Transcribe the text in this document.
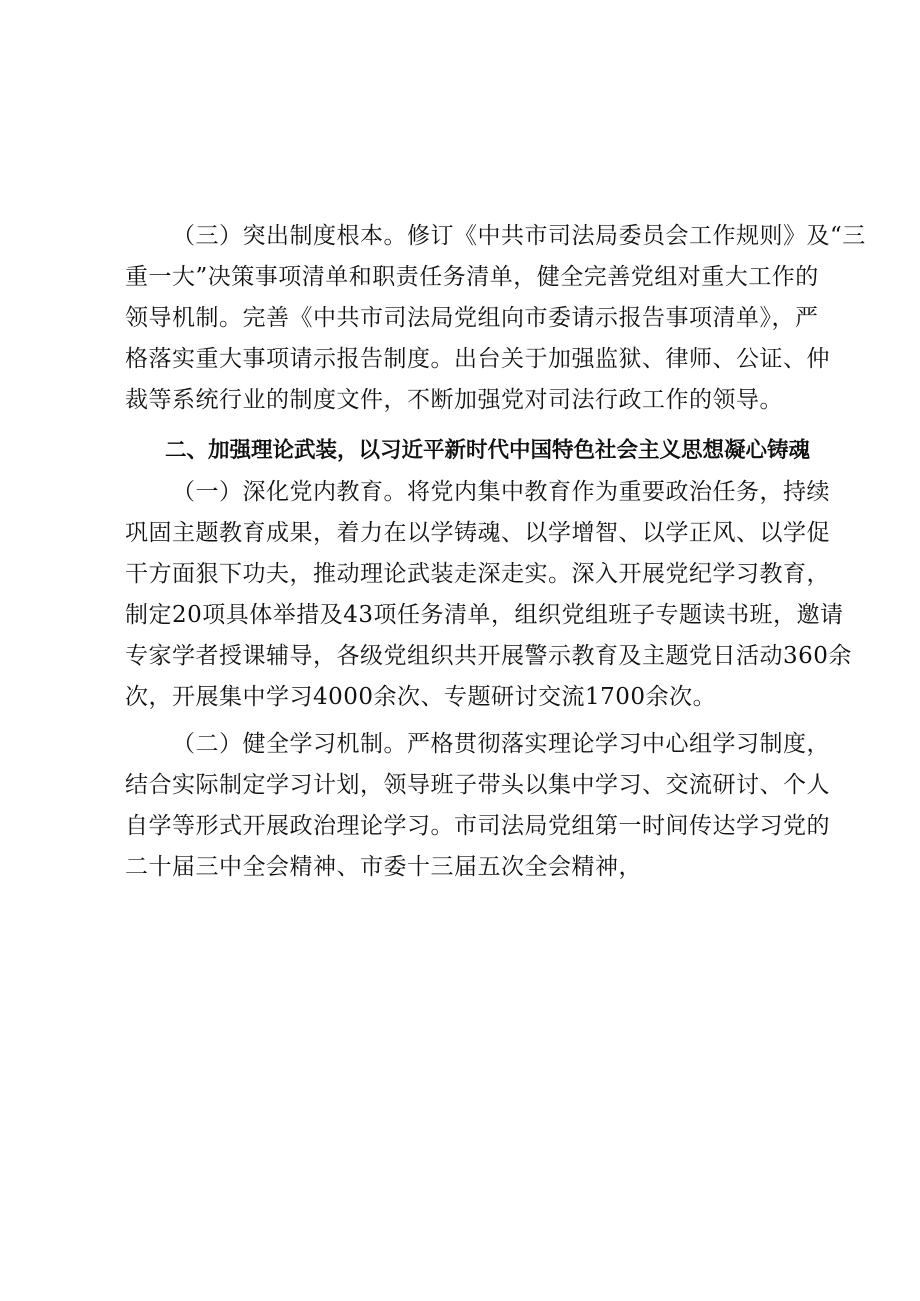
（三）突出制度根本。修订《中共市司法局委员会工作规则》及“三
重一大”决策事项清单和职责任务清单，健全完善党组对重大工作的
领导机制。完善《中共市司法局党组向市委请示报告事项清单》，严
格落实重大事项请示报告制度。出台关于加强监狱、律师、公证、仲
裁等系统行业的制度文件，不断加强党对司法行政工作的领导。
二、加强理论武装，以习近平新时代中国特色社会主义思想凝心铸魂
（一）深化党内教育。将党内集中教育作为重要政治任务，持续
巩固主题教育成果，着力在以学铸魂、以学增智、以学正风、以学促
干方面狠下功夫，推动理论武装走深走实。深入开展党纪学习教育，
制定20项具体举措及43项任务清单，组织党组班子专题读书班，邀请
专家学者授课辅导，各级党组织共开展警示教育及主题党日活动360余
次，开展集中学习4000余次、专题研讨交流1700余次。
（二）健全学习机制。严格贯彻落实理论学习中心组学习制度，
结合实际制定学习计划，领导班子带头以集中学习、交流研讨、个人
自学等形式开展政治理论学习。市司法局党组第一时间传达学习党的
二十届三中全会精神、市委十三届五次全会精神，
